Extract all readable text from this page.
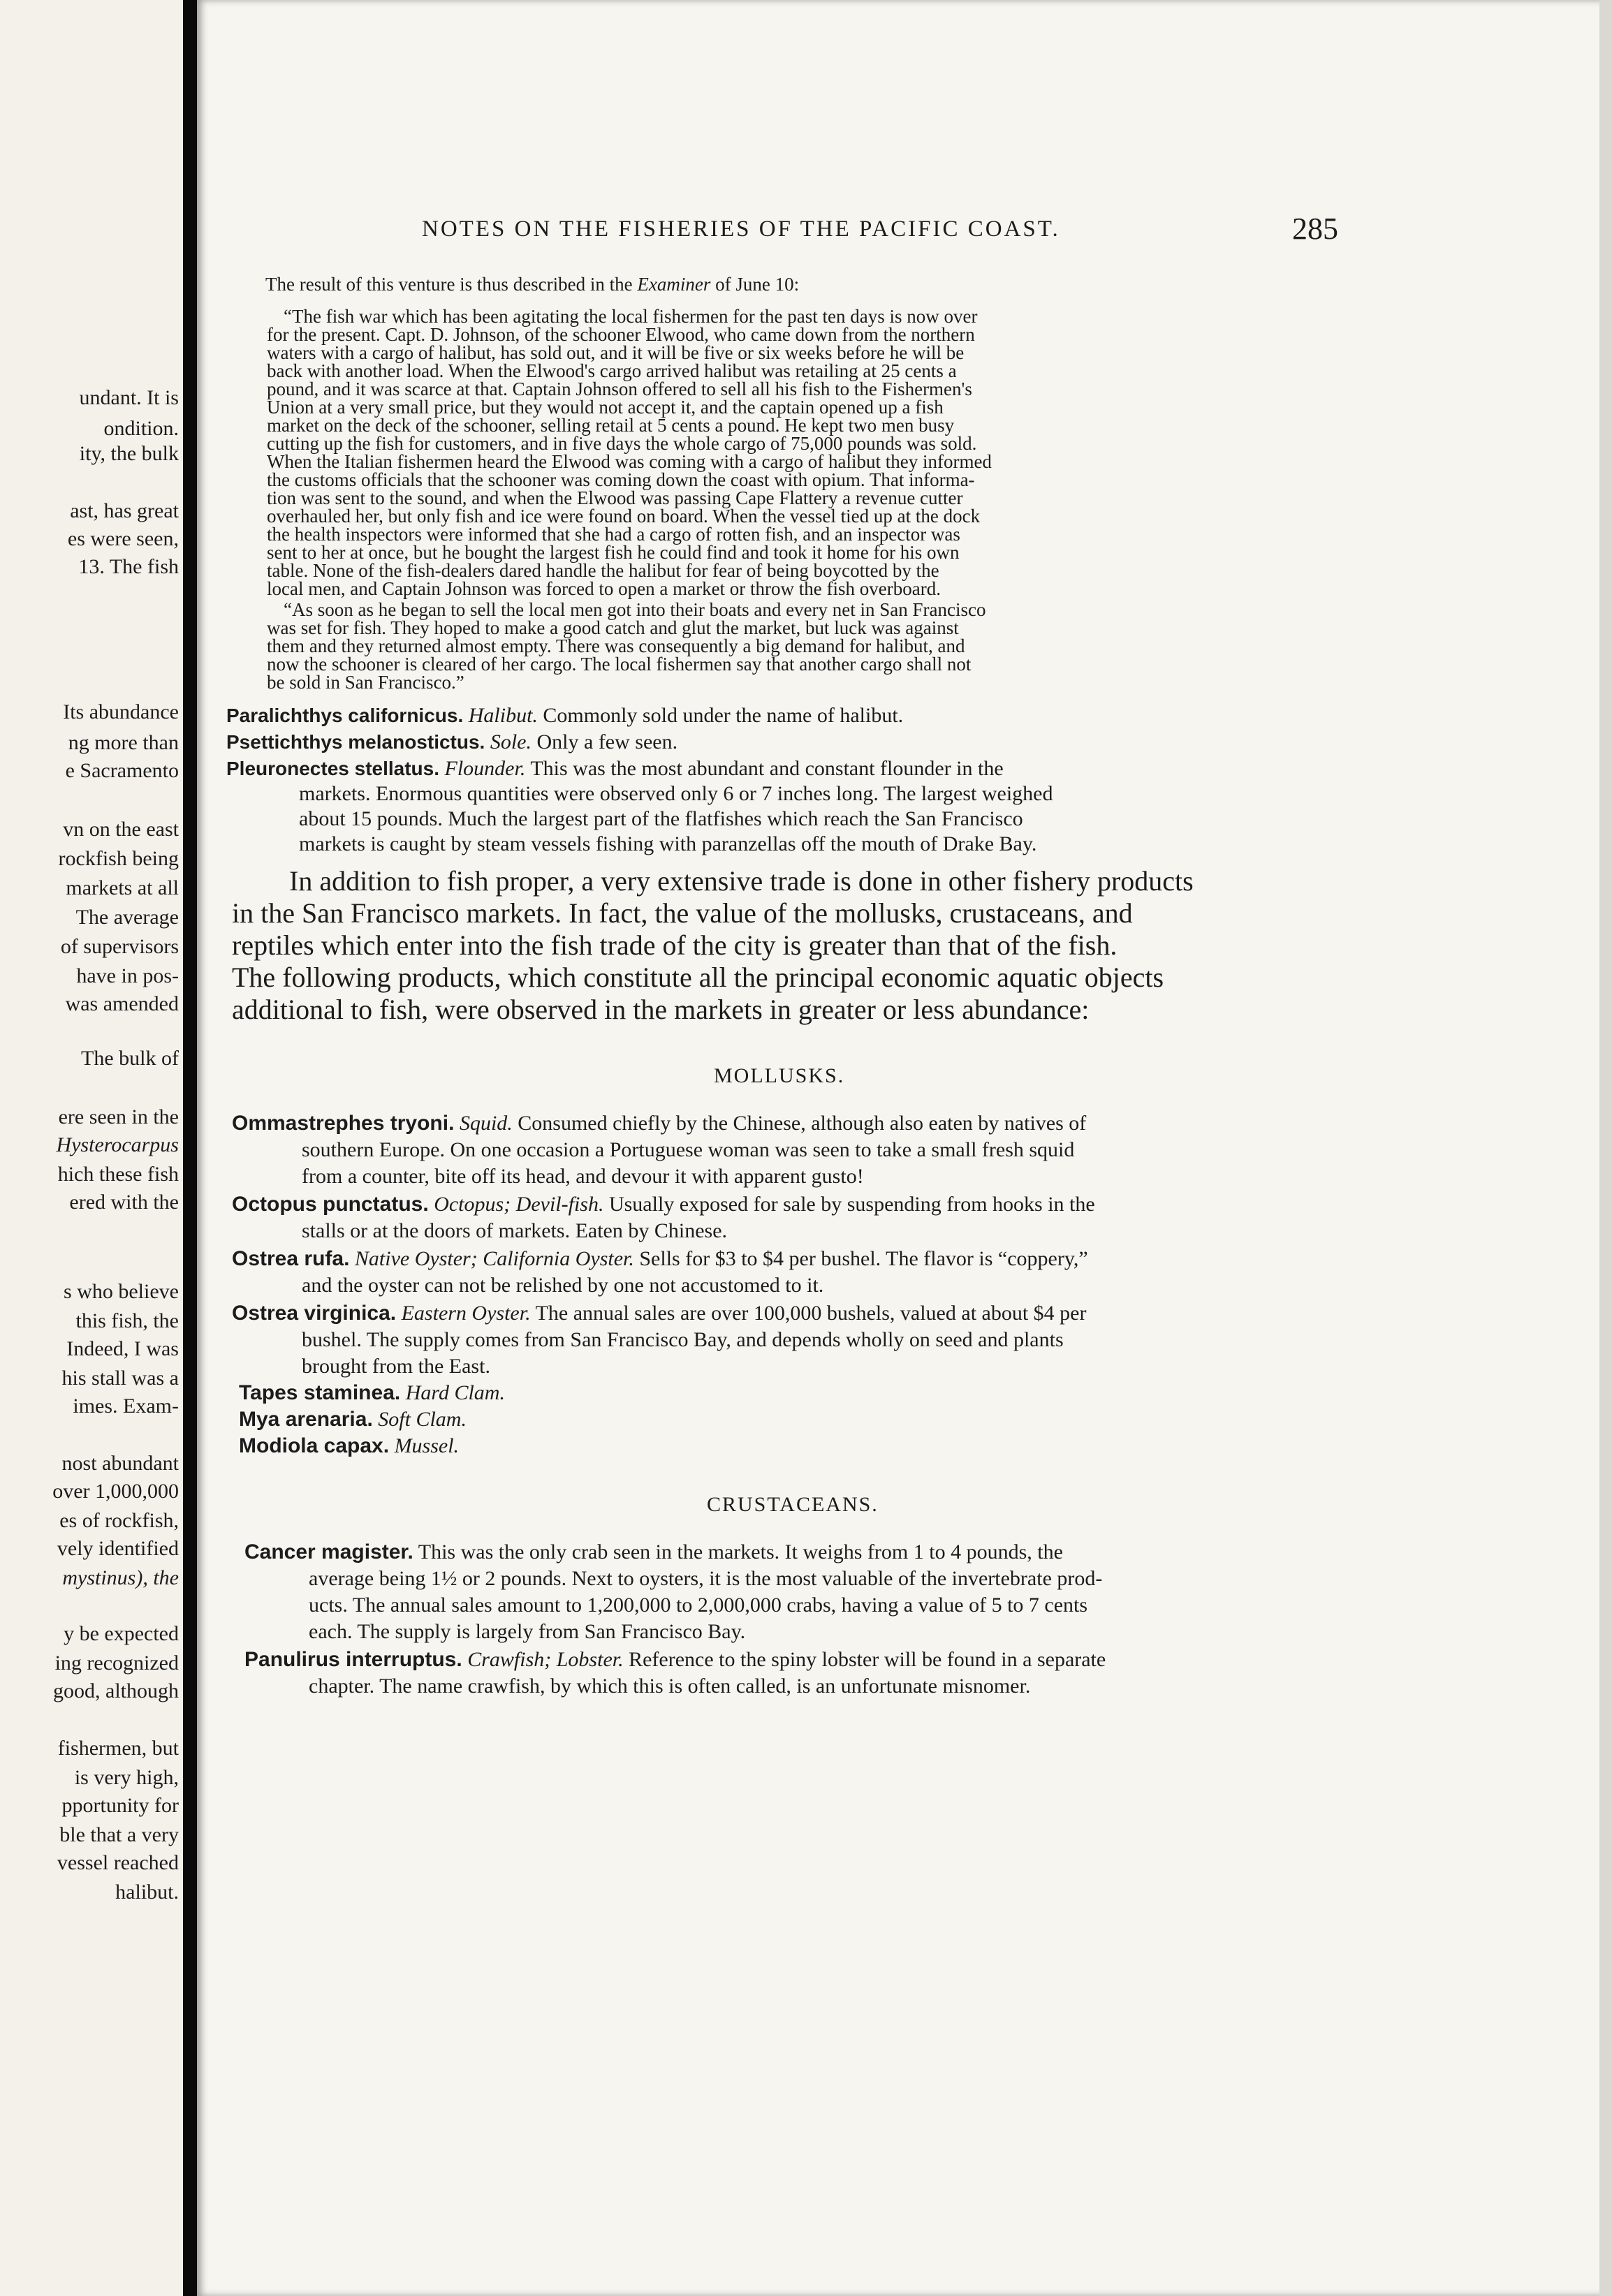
undant. It is
ondition.
ity, the bulk
ast, has great
es were seen,
13. The fish
Its abundance
ng more than
e Sacramento
vn on the east
rockfish being
markets at all
The average
of supervisors
have in pos-
was amended
The bulk of
ere seen in the
Hysterocarpus
hich these fish
ered with the
s who believe
this fish, the
Indeed, I was
his stall was a
imes. Exam-
nost abundant
over 1,000,000
es of rockfish,
vely identified
mystinus), the
y be expected
ing recognized
good, although
fishermen, but
is very high,
pportunity for
ble that a very
vessel reached
halibut.
NOTES ON THE FISHERIES OF THE PACIFIC COAST.	285
The result of this venture is thus described in the Examiner of June 10:
“The fish war which has been agitating the local fishermen for the past ten days is now over
for the present. Capt. D. Johnson, of the schooner Elwood, who came down from the northern
waters with a cargo of halibut, has sold out, and it will be five or six weeks before he will be
back with another load. When the Elwood's cargo arrived halibut was retailing at 25 cents a
pound, and it was scarce at that. Captain Johnson offered to sell all his fish to the Fishermen's
Union at a very small price, but they would not accept it, and the captain opened up a fish
market on the deck of the schooner, selling retail at 5 cents a pound. He kept two men busy
cutting up the fish for customers, and in five days the whole cargo of 75,000 pounds was sold.
When the Italian fishermen heard the Elwood was coming with a cargo of halibut they informed
the customs officials that the schooner was coming down the coast with opium. That informa-
tion was sent to the sound, and when the Elwood was passing Cape Flattery a revenue cutter
overhauled her, but only fish and ice were found on board. When the vessel tied up at the dock
the health inspectors were informed that she had a cargo of rotten fish, and an inspector was
sent to her at once, but he bought the largest fish he could find and took it home for his own
table. None of the fish-dealers dared handle the halibut for fear of being boycotted by the
local men, and Captain Johnson was forced to open a market or throw the fish overboard.
“As soon as he began to sell the local men got into their boats and every net in San Francisco
was set for fish. They hoped to make a good catch and glut the market, but luck was against
them and they returned almost empty. There was consequently a big demand for halibut, and
now the schooner is cleared of her cargo. The local fishermen say that another cargo shall not
be sold in San Francisco.”
Paralichthys californicus. Halibut. Commonly sold under the name of halibut.
Psettichthys melanostictus. Sole. Only a few seen.
Pleuronectes stellatus. Flounder. This was the most abundant and constant flounder in the
markets. Enormous quantities were observed only 6 or 7 inches long. The largest weighed
about 15 pounds. Much the largest part of the flatfishes which reach the San Francisco
markets is caught by steam vessels fishing with paranzellas off the mouth of Drake Bay.
In addition to fish proper, a very extensive trade is done in other fishery products
in the San Francisco markets. In fact, the value of the mollusks, crustaceans, and
reptiles which enter into the fish trade of the city is greater than that of the fish.
The following products, which constitute all the principal economic aquatic objects
additional to fish, were observed in the markets in greater or less abundance:
MOLLUSKS.
Ommastrephes tryoni. Squid. Consumed chiefly by the Chinese, although also eaten by natives of
southern Europe. On one occasion a Portuguese woman was seen to take a small fresh squid
from a counter, bite off its head, and devour it with apparent gusto!
Octopus punctatus. Octopus; Devil-fish. Usually exposed for sale by suspending from hooks in the
stalls or at the doors of markets. Eaten by Chinese.
Ostrea rufa. Native Oyster; California Oyster. Sells for $3 to $4 per bushel. The flavor is “coppery,”
and the oyster can not be relished by one not accustomed to it.
Ostrea virginica. Eastern Oyster. The annual sales are over 100,000 bushels, valued at about $4 per
bushel. The supply comes from San Francisco Bay, and depends wholly on seed and plants
brought from the East.
Tapes staminea. Hard Clam.
Mya arenaria. Soft Clam.
Modiola capax. Mussel.
CRUSTACEANS.
Cancer magister. This was the only crab seen in the markets. It weighs from 1 to 4 pounds, the
average being 1½ or 2 pounds. Next to oysters, it is the most valuable of the invertebrate prod-
ucts. The annual sales amount to 1,200,000 to 2,000,000 crabs, having a value of 5 to 7 cents
each. The supply is largely from San Francisco Bay.
Panulirus interruptus. Crawfish; Lobster. Reference to the spiny lobster will be found in a separate
chapter. The name crawfish, by which this is often called, is an unfortunate misnomer.
